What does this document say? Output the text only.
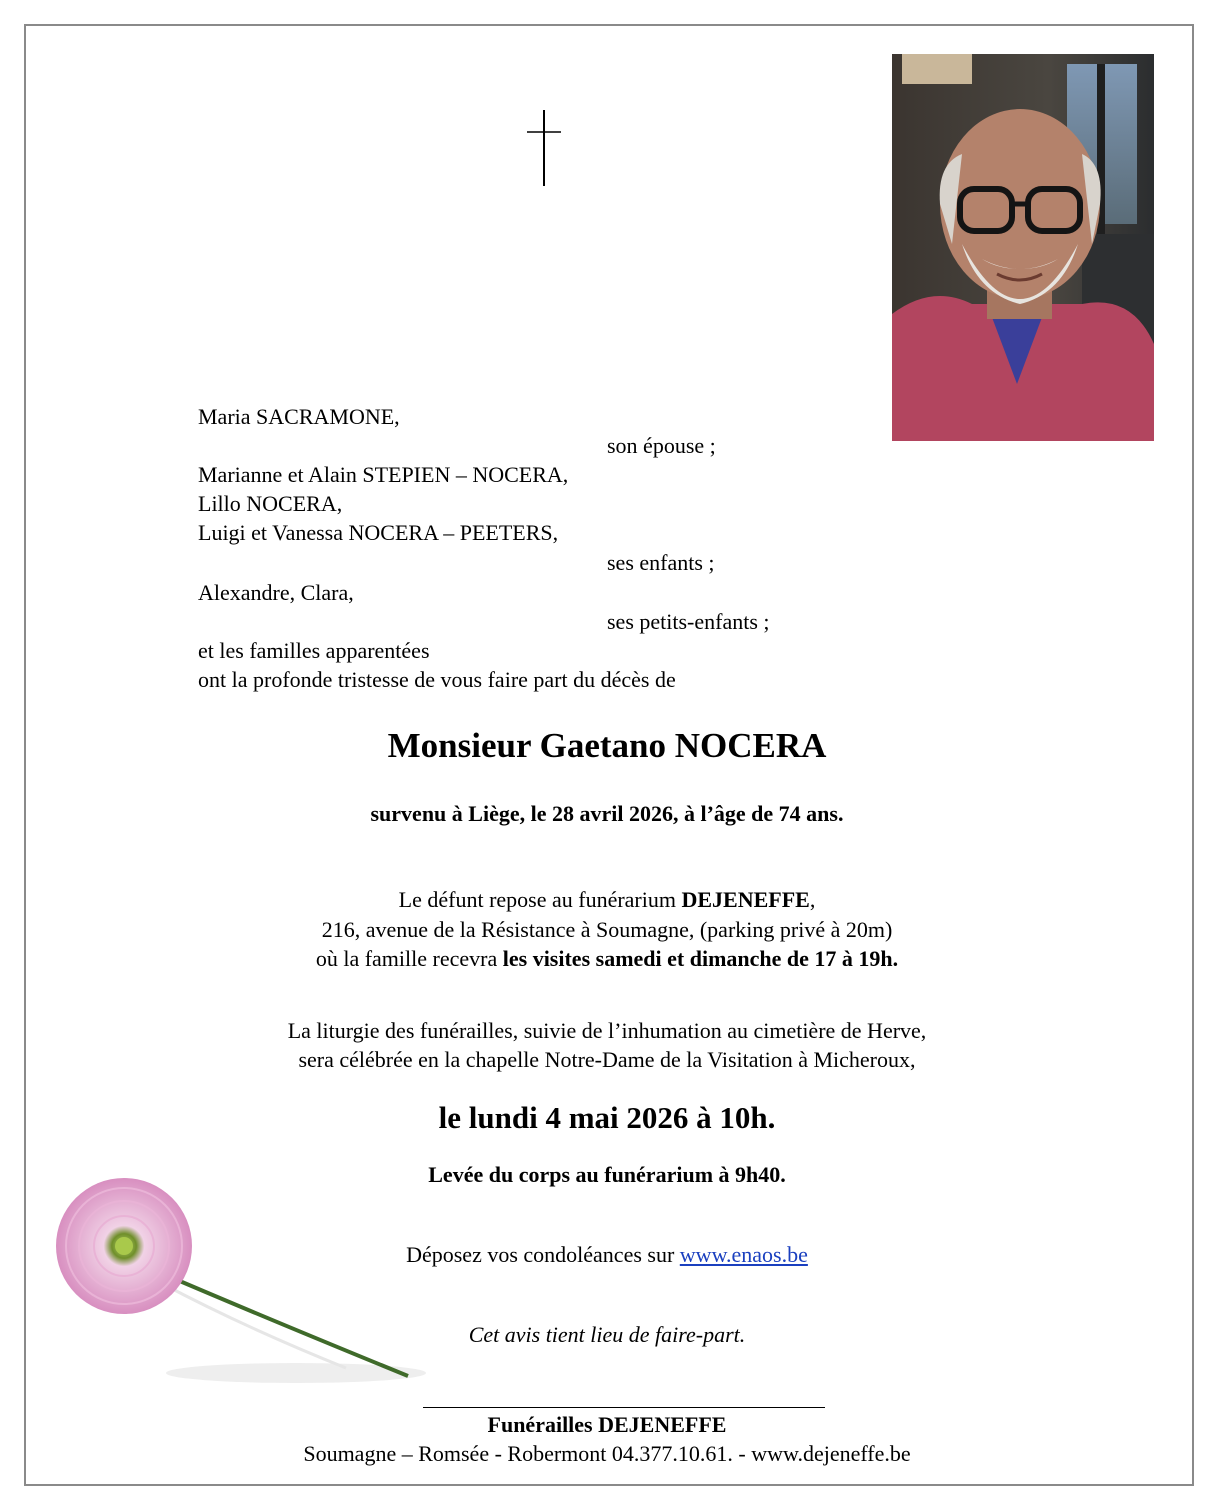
Maria SACRAMONE,
son épouse ;
Marianne et Alain STEPIEN – NOCERA,
Lillo NOCERA,
Luigi et Vanessa NOCERA – PEETERS,
ses enfants ;
Alexandre, Clara,
ses petits-enfants ;
et les familles apparentées
ont la profonde tristesse de vous faire part du décès de
Monsieur Gaetano NOCERA
survenu à Liège, le 28 avril 2026, à l’âge de 74 ans.
Le défunt repose au funérarium DEJENEFFE,
216, avenue de la Résistance à Soumagne, (parking privé à 20m)
où la famille recevra les visites samedi et dimanche de 17 à 19h.
La liturgie des funérailles, suivie de l’inhumation au cimetière de Herve,
sera célébrée en la chapelle Notre-Dame de la Visitation à Micheroux,
le lundi 4 mai 2026 à 10h.
Levée du corps au funérarium à 9h40.
Déposez vos condoléances sur www.enaos.be
Cet avis tient lieu de faire-part.
Funérailles DEJENEFFE
Soumagne – Romsée - Robermont 04.377.10.61. - www.dejeneffe.be
